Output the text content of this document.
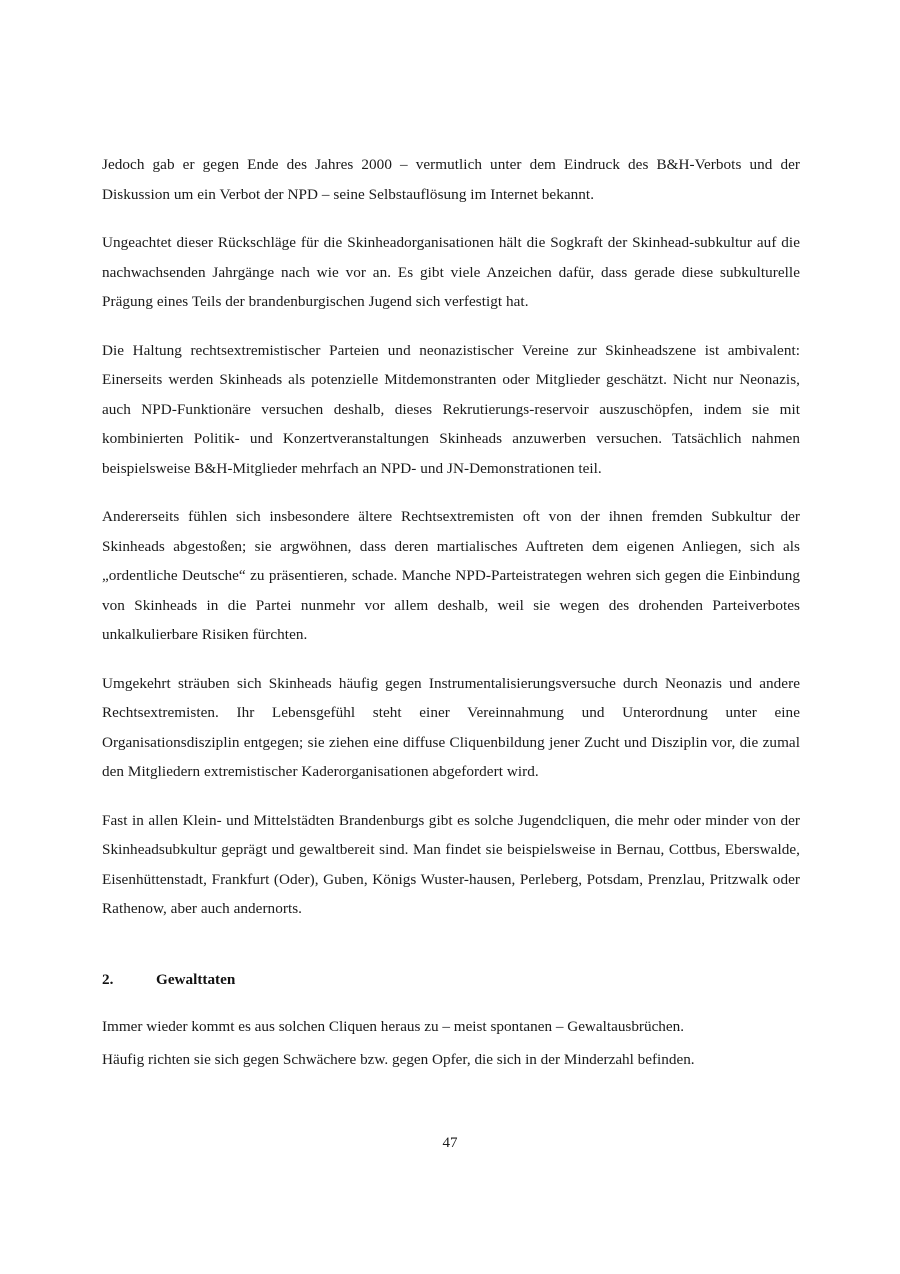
Jedoch gab er gegen Ende des Jahres 2000 – vermutlich unter dem Eindruck des B&H-Verbots und der Diskussion um ein Verbot der NPD – seine Selbstauflösung im Internet bekannt.

Ungeachtet dieser Rückschläge für die Skinheadorganisationen hält die Sogkraft der Skinhead-subkultur auf die nachwachsenden Jahrgänge nach wie vor an. Es gibt viele Anzeichen dafür, dass gerade diese subkulturelle Prägung eines Teils der brandenburgischen Jugend sich verfestigt hat.

Die Haltung rechtsextremistischer Parteien und neonazistischer Vereine zur Skinheadszene ist ambivalent: Einerseits werden Skinheads als potenzielle Mitdemonstranten oder Mitglieder geschätzt. Nicht nur Neonazis, auch NPD-Funktionäre versuchen deshalb, dieses Rekrutierungs-reservoir auszuschöpfen, indem sie mit kombinierten Politik- und Konzertveranstaltungen Skinheads anzuwerben versuchen. Tatsächlich nahmen beispielsweise B&H-Mitglieder mehrfach an NPD- und JN-Demonstrationen teil.

Andererseits fühlen sich insbesondere ältere Rechtsextremisten oft von der ihnen fremden Subkultur der Skinheads abgestoßen; sie argwöhnen, dass deren martialisches Auftreten dem eigenen Anliegen, sich als „ordentliche Deutsche“ zu präsentieren, schade. Manche NPD-Parteistrategen wehren sich gegen die Einbindung von Skinheads in die Partei nunmehr vor allem deshalb, weil sie wegen des drohenden Parteiverbotes unkalkulierbare Risiken fürchten.

Umgekehrt sträuben sich Skinheads häufig gegen Instrumentalisierungsversuche durch Neonazis und andere Rechtsextremisten. Ihr Lebensgefühl steht einer Vereinnahmung und Unterordnung unter eine Organisationsdisziplin entgegen; sie ziehen eine diffuse Cliquenbildung jener Zucht und Disziplin vor, die zumal den Mitgliedern extremistischer Kaderorganisationen abgefordert wird.

Fast in allen Klein- und Mittelstädten Brandenburgs gibt es solche Jugendcliquen, die mehr oder minder von der Skinheadsubkultur geprägt und gewaltbereit sind. Man findet sie beispielsweise in Bernau, Cottbus, Eberswalde, Eisenhüttenstadt, Frankfurt (Oder), Guben, Königs Wuster-hausen, Perleberg, Potsdam, Prenzlau, Pritzwalk oder Rathenow, aber auch andernorts.

2.	Gewalttaten

Immer wieder kommt es aus solchen Cliquen heraus zu – meist spontanen – Gewaltausbrüchen.

Häufig richten sie sich gegen Schwächere bzw. gegen Opfer, die sich in der Minderzahl befinden.

47
